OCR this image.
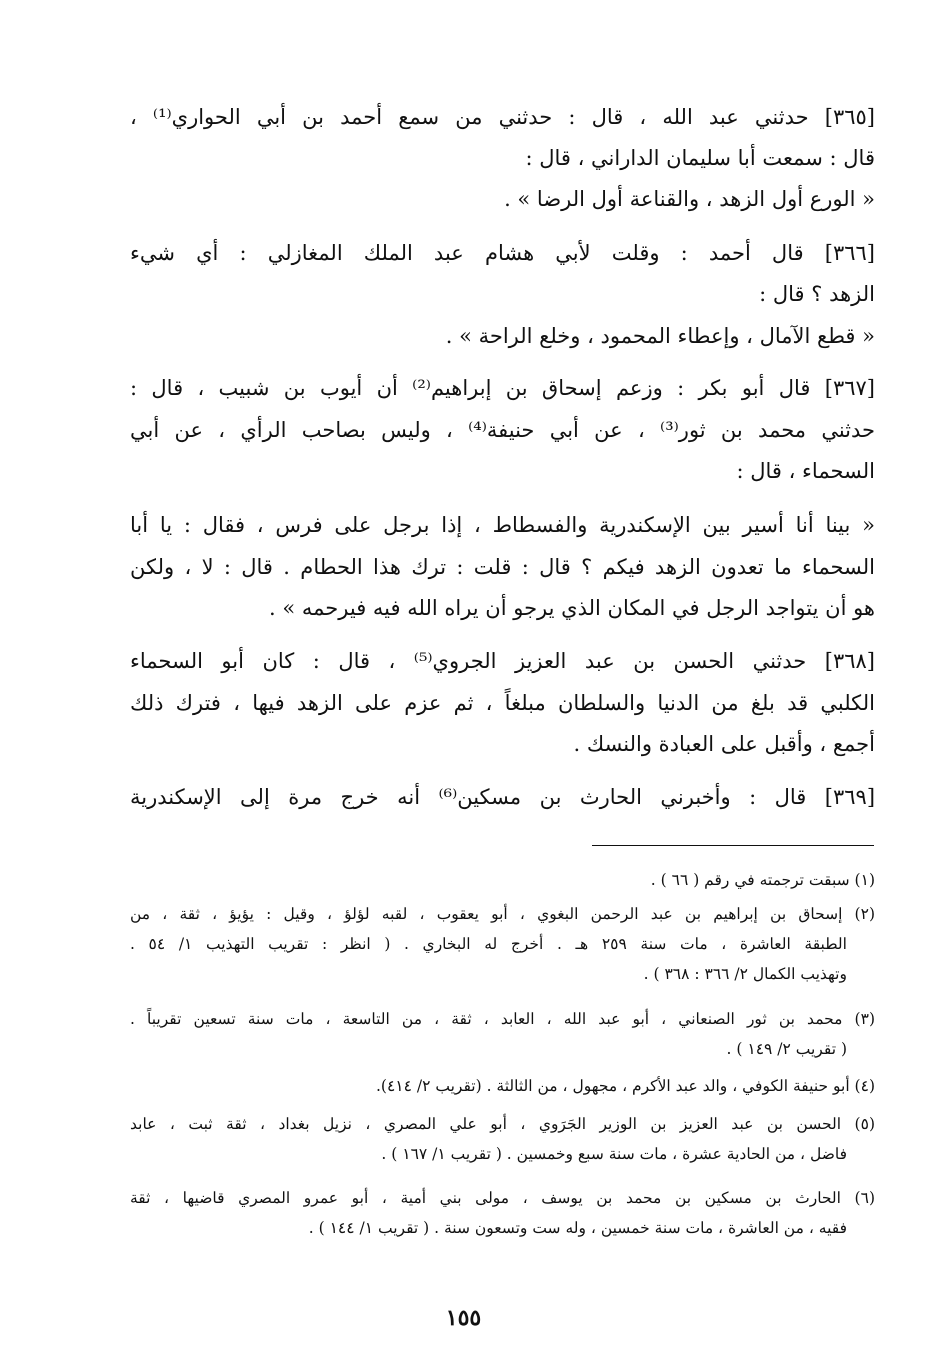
[٣٦٥] حدثني عبد الله ، قال : حدثني من سمع أحمد بن أبي الحواري⁽¹⁾ ،
قال : سمعت أبا سليمان الداراني ، قال :
« الورع أول الزهد ، والقناعة أول الرضا » .
[٣٦٦] قال أحمد : وقلت لأبي هشام عبد الملك المغازلي : أي شيء
الزهد ؟ قال :
« قطع الآمال ، وإعطاء المحمود ، وخلع الراحة » .
[٣٦٧] قال أبو بكر : وزعم إسحاق بن إبراهيم⁽²⁾ أن أيوب بن شبيب ، قال :
حدثني محمد بن ثور⁽³⁾ ، عن أبي حنيفة⁽⁴⁾ ، وليس بصاحب الرأي ، عن أبي
السحماء ، قال :
« بينا أنا أسير بين الإسكندرية والفسطاط ، إذا برجل على فرس ، فقال : يا أبا
السحماء ما تعدون الزهد فيكم ؟ قال : قلت : ترك هذا الحطام . قال : لا ، ولكن
هو أن يتواجد الرجل في المكان الذي يرجو أن يراه الله فيه فيرحمه » .
[٣٦٨] حدثني الحسن بن عبد العزيز الجروي⁽⁵⁾ ، قال : كان أبو السحماء
الكلبي قد بلغ من الدنيا والسلطان مبلغاً ، ثم عزم على الزهد فيها ، فترك ذلك
أجمع ، وأقبل على العبادة والنسك .
[٣٦٩] قال : وأخبرني الحارث بن مسكين⁽⁶⁾ أنه خرج مرة إلى الإسكندرية
(١) سبقت ترجمته في رقم ( ٦٦ ) .
(٢) إسحاق بن إبراهيم بن عبد الرحمن البغوي ، أبو يعقوب ، لقبه لؤلؤ ، وقيل : يؤيؤ ، ثقة ، من
الطبقة العاشرة ، مات سنة ٢٥٩ هـ . أخرج له البخاري . ( انظر : تقريب التهذيب ١/ ٥٤ .
وتهذيب الكمال ٢/ ٣٦٦ : ٣٦٨ ) .
(٣) محمد بن ثور الصنعاني ، أبو عبد الله ، العابد ، ثقة ، من التاسعة ، مات سنة تسعين تقريباً .
( تقريب ٢/ ١٤٩ ) .
(٤) أبو حنيفة الكوفي ، والد عبد الأكرم ، مجهول ، من الثالثة . (تقريب ٢/ ٤١٤).
(٥) الحسن بن عبد العزيز بن الوزير الجَرَوي ، أبو علي المصري ، نزيل بغداد ، ثقة ثبت ، عابد
فاضل ، من الحادية عشرة ، مات سنة سبع وخمسين . ( تقريب ١/ ١٦٧ ) .
(٦) الحارث بن مسكين بن محمد بن يوسف ، مولى بني أمية ، أبو عمرو المصري قاضيها ، ثقة
فقيه ، من العاشرة ، مات سنة خمسين ، وله ست وتسعون سنة . ( تقريب ١/ ١٤٤ ) .
١٥٥
